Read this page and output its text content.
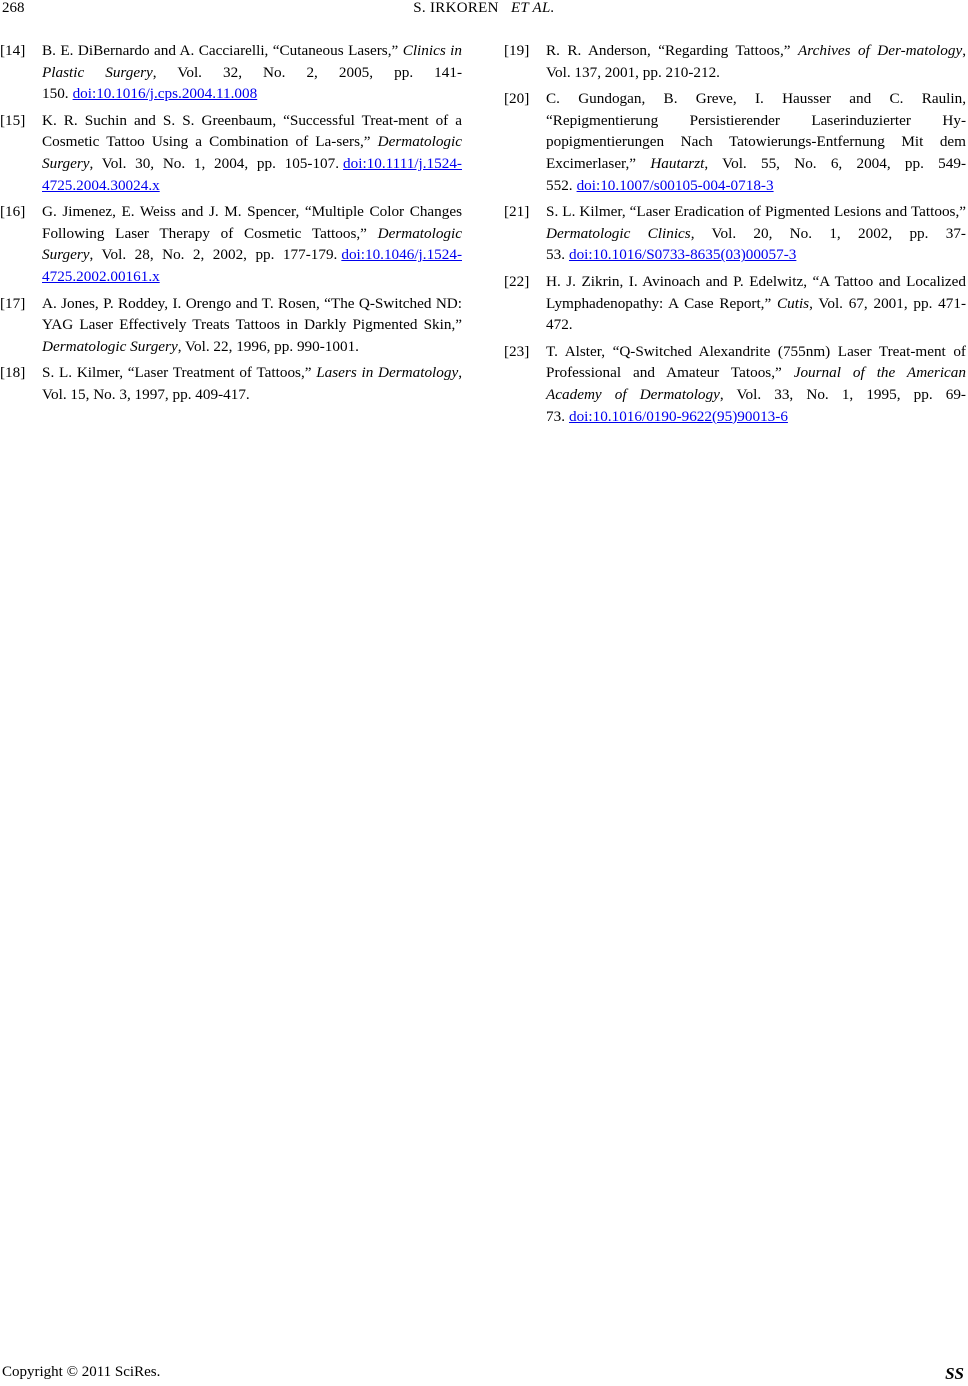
268	S. IRKOREN ET AL.
[14] B. E. DiBernardo and A. Cacciarelli, “Cutaneous Lasers,” Clinics in Plastic Surgery, Vol. 32, No. 2, 2005, pp. 141-150. doi:10.1016/j.cps.2004.11.008
[15] K. R. Suchin and S. S. Greenbaum, “Successful Treat-ment of a Cosmetic Tattoo Using a Combination of La-sers,” Dermatologic Surgery, Vol. 30, No. 1, 2004, pp. 105-107. doi:10.1111/j.1524-4725.2004.30024.x
[16] G. Jimenez, E. Weiss and J. M. Spencer, “Multiple Color Changes Following Laser Therapy of Cosmetic Tattoos,” Dermatologic Surgery, Vol. 28, No. 2, 2002, pp. 177-179. doi:10.1046/j.1524-4725.2002.00161.x
[17] A. Jones, P. Roddey, I. Orengo and T. Rosen, “The Q-Switched ND: YAG Laser Effectively Treats Tattoos in Darkly Pigmented Skin,” Dermatologic Surgery, Vol. 22, 1996, pp. 990-1001.
[18] S. L. Kilmer, “Laser Treatment of Tattoos,” Lasers in Dermatology, Vol. 15, No. 3, 1997, pp. 409-417.
[19] R. R. Anderson, “Regarding Tattoos,” Archives of Der-matology, Vol. 137, 2001, pp. 210-212.
[20] C. Gundogan, B. Greve, I. Hausser and C. Raulin, “Repigmentierung Persistierender Laserinduzierter Hy-popigmentierungen Nach Tatowierungs-Entfernung Mit dem Excimerlaser,” Hautarzt, Vol. 55, No. 6, 2004, pp. 549- 552. doi:10.1007/s00105-004-0718-3
[21] S. L. Kilmer, “Laser Eradication of Pigmented Lesions and Tattoos,” Dermatologic Clinics, Vol. 20, No. 1, 2002, pp. 37-53. doi:10.1016/S0733-8635(03)00057-3
[22] H. J. Zikrin, I. Avinoach and P. Edelwitz, “A Tattoo and Localized Lymphadenopathy: A Case Report,” Cutis, Vol. 67, 2001, pp. 471-472.
[23] T. Alster, “Q-Switched Alexandrite (755nm) Laser Treat-ment of Professional and Amateur Tatoos,” Journal of the American Academy of Dermatology, Vol. 33, No. 1, 1995, pp. 69-73. doi:10.1016/0190-9622(95)90013-6
Copyright © 2011 SciRes.	SS
